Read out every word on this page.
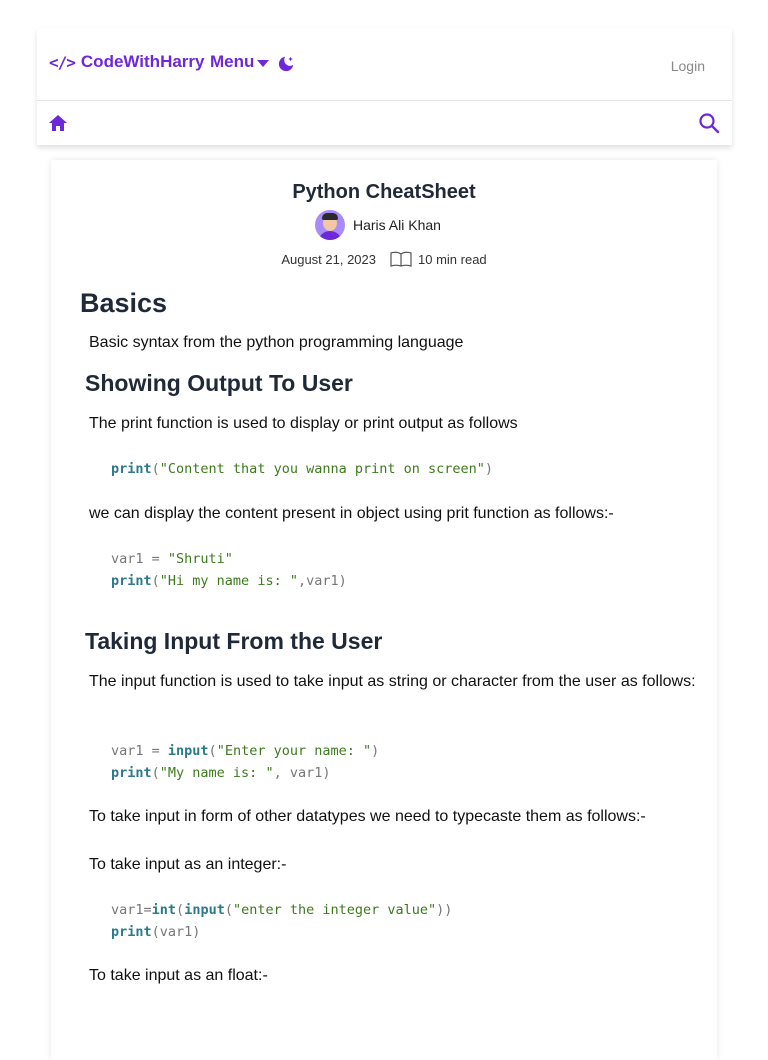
</> CodeWithHarry Menu	Login
Python CheatSheet
Haris Ali Khan
August 21, 2023	10 min read
Basics
Basic syntax from the python programming language
Showing Output To User
The print function is used to display or print output as follows
print("Content that you wanna print on screen")
we can display the content present in object using prit function as follows:-
var1 = "Shruti"
print("Hi my name is: ",var1)
Taking Input From the User
The input function is used to take input as string or character from the user as follows:
var1 = input("Enter your name: ")
print("My name is: ", var1)
To take input in form of other datatypes we need to typecaste them as follows:-
To take input as an integer:-
var1=int(input("enter the integer value"))
print(var1)
To take input as an float:-
